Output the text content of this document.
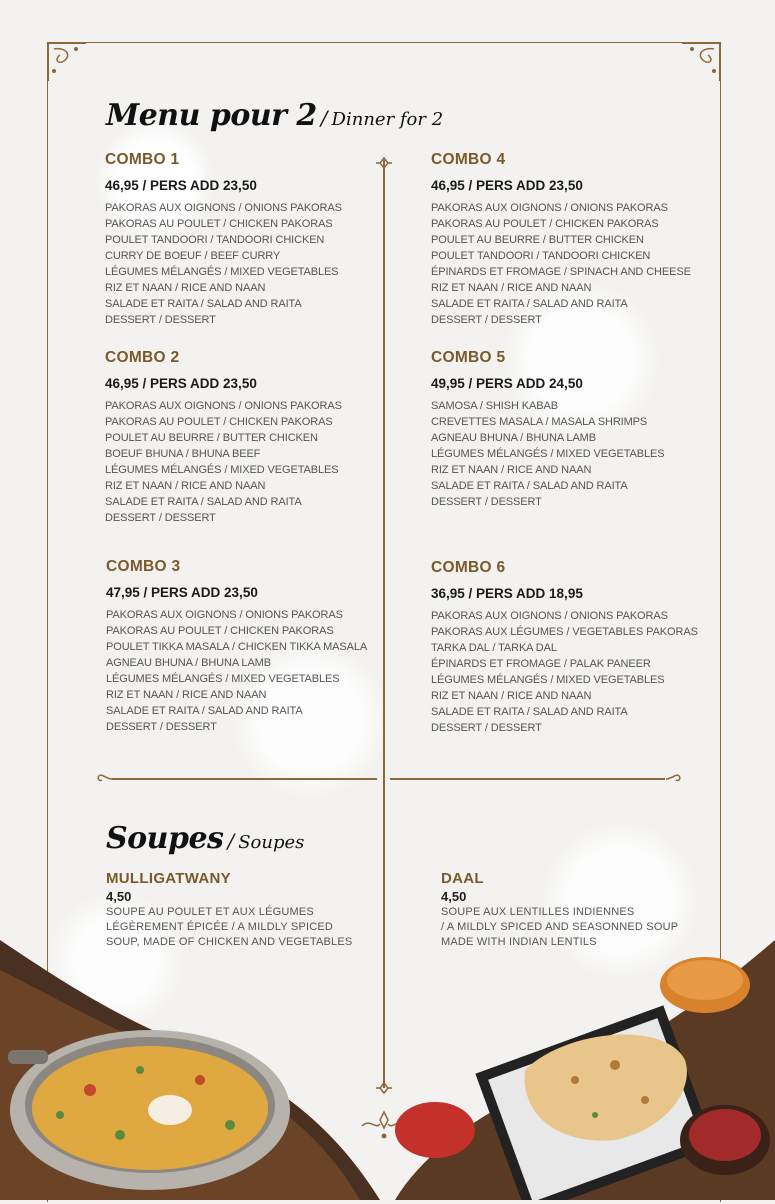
Menu pour 2 / Dinner for 2
COMBO 1
46,95 / PERS ADD 23,50
PAKORAS AUX OIGNONS / ONIONS PAKORAS
PAKORAS AU POULET / CHICKEN PAKORAS
POULET TANDOORI / TANDOORI CHICKEN
CURRY DE BOEUF / BEEF CURRY
LÉGUMES MÉLANGÉS / MIXED VEGETABLES
RIZ ET NAAN / RICE AND NAAN
SALADE ET RAITA / SALAD AND RAITA
DESSERT / DESSERT
COMBO 2
46,95 / PERS ADD 23,50
PAKORAS AUX OIGNONS / ONIONS PAKORAS
PAKORAS AU POULET / CHICKEN PAKORAS
POULET AU BEURRE / BUTTER CHICKEN
BOEUF BHUNA / BHUNA BEEF
LÉGUMES MÉLANGÉS / MIXED VEGETABLES
RIZ ET NAAN / RICE AND NAAN
SALADE ET RAITA / SALAD AND RAITA
DESSERT / DESSERT
COMBO 3
47,95 / PERS ADD 23,50
PAKORAS AUX OIGNONS / ONIONS PAKORAS
PAKORAS AU POULET / CHICKEN PAKORAS
POULET TIKKA MASALA / CHICKEN TIKKA MASALA
AGNEAU BHUNA / BHUNA LAMB
LÉGUMES MÉLANGÉS / MIXED VEGETABLES
RIZ ET NAAN / RICE AND NAAN
SALADE ET RAITA / SALAD AND RAITA
DESSERT / DESSERT
COMBO 4
46,95 / PERS ADD 23,50
PAKORAS AUX OIGNONS / ONIONS PAKORAS
PAKORAS AU POULET / CHICKEN PAKORAS
POULET AU BEURRE / BUTTER CHICKEN
POULET TANDOORI / TANDOORI CHICKEN
ÉPINARDS ET FROMAGE / SPINACH AND CHEESE
RIZ ET NAAN / RICE AND NAAN
SALADE ET RAITA / SALAD AND RAITA
DESSERT / DESSERT
COMBO 5
49,95 / PERS ADD 24,50
SAMOSA / SHISH KABAB
CREVETTES MASALA / MASALA SHRIMPS
AGNEAU BHUNA / BHUNA LAMB
LÉGUMES MÉLANGÉS / MIXED VEGETABLES
RIZ ET NAAN / RICE AND NAAN
SALADE ET RAITA / SALAD AND RAITA
DESSERT / DESSERT
COMBO 6
36,95 / PERS ADD 18,95
PAKORAS AUX OIGNONS / ONIONS PAKORAS
PAKORAS AUX LÉGUMES / VEGETABLES PAKORAS
TARKA DAL / TARKA DAL
ÉPINARDS ET FROMAGE / PALAK PANEER
LÉGUMES MÉLANGÉS / MIXED VEGETABLES
RIZ ET NAAN / RICE AND NAAN
SALADE ET RAITA / SALAD AND RAITA
DESSERT / DESSERT
Soupes / Soupes
MULLIGATWANY
4,50
SOUPE AU POULET ET AUX LÉGUMES
LÉGÈREMENT ÉPICÉE / A MILDLY SPICED
SOUP, MADE OF CHICKEN AND VEGETABLES
DAAL
4,50
SOUPE AUX LENTILLES INDIENNES
/ A MILDLY SPICED AND SEASONNED SOUP
MADE WITH INDIAN LENTILS
